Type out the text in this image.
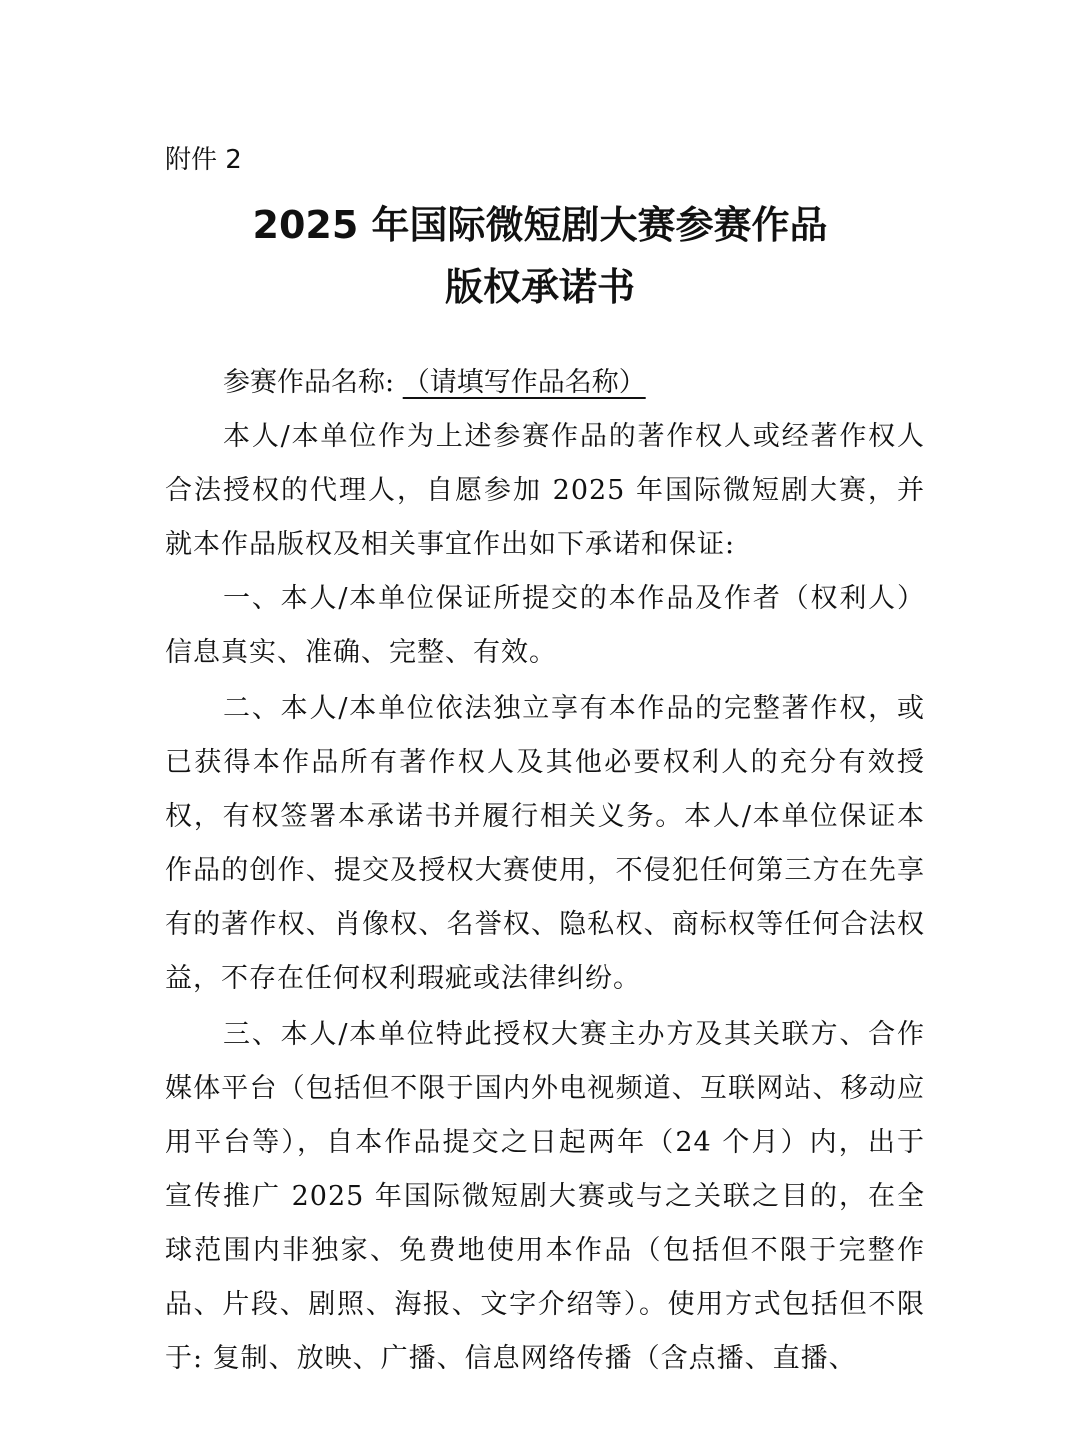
附件 2
2025 年国际微短剧大赛参赛作品
版权承诺书
参赛作品名称: （请填写作品名称）

本人/本单位作为上述参赛作品的著作权人或经著作权人合法授权的代理人，自愿参加 2025 年国际微短剧大赛，并就本作品版权及相关事宜作出如下承诺和保证:

一、本人/本单位保证所提交的本作品及作者（权利人）信息真实、准确、完整、有效。

二、本人/本单位依法独立享有本作品的完整著作权，或已获得本作品所有著作权人及其他必要权利人的充分有效授权，有权签署本承诺书并履行相关义务。本人/本单位保证本作品的创作、提交及授权大赛使用，不侵犯任何第三方在先享有的著作权、肖像权、名誉权、隐私权、商标权等任何合法权益，不存在任何权利瑕疵或法律纠纷。

三、本人/本单位特此授权大赛主办方及其关联方、合作媒体平台（包括但不限于国内外电视频道、互联网站、移动应用平台等），自本作品提交之日起两年（24 个月）内，出于宣传推广 2025 年国际微短剧大赛或与之关联之目的，在全球范围内非独家、免费地使用本作品（包括但不限于完整作品、片段、剧照、海报、文字介绍等）。使用方式包括但不限于: 复制、放映、广播、信息网络传播（含点播、直播、
